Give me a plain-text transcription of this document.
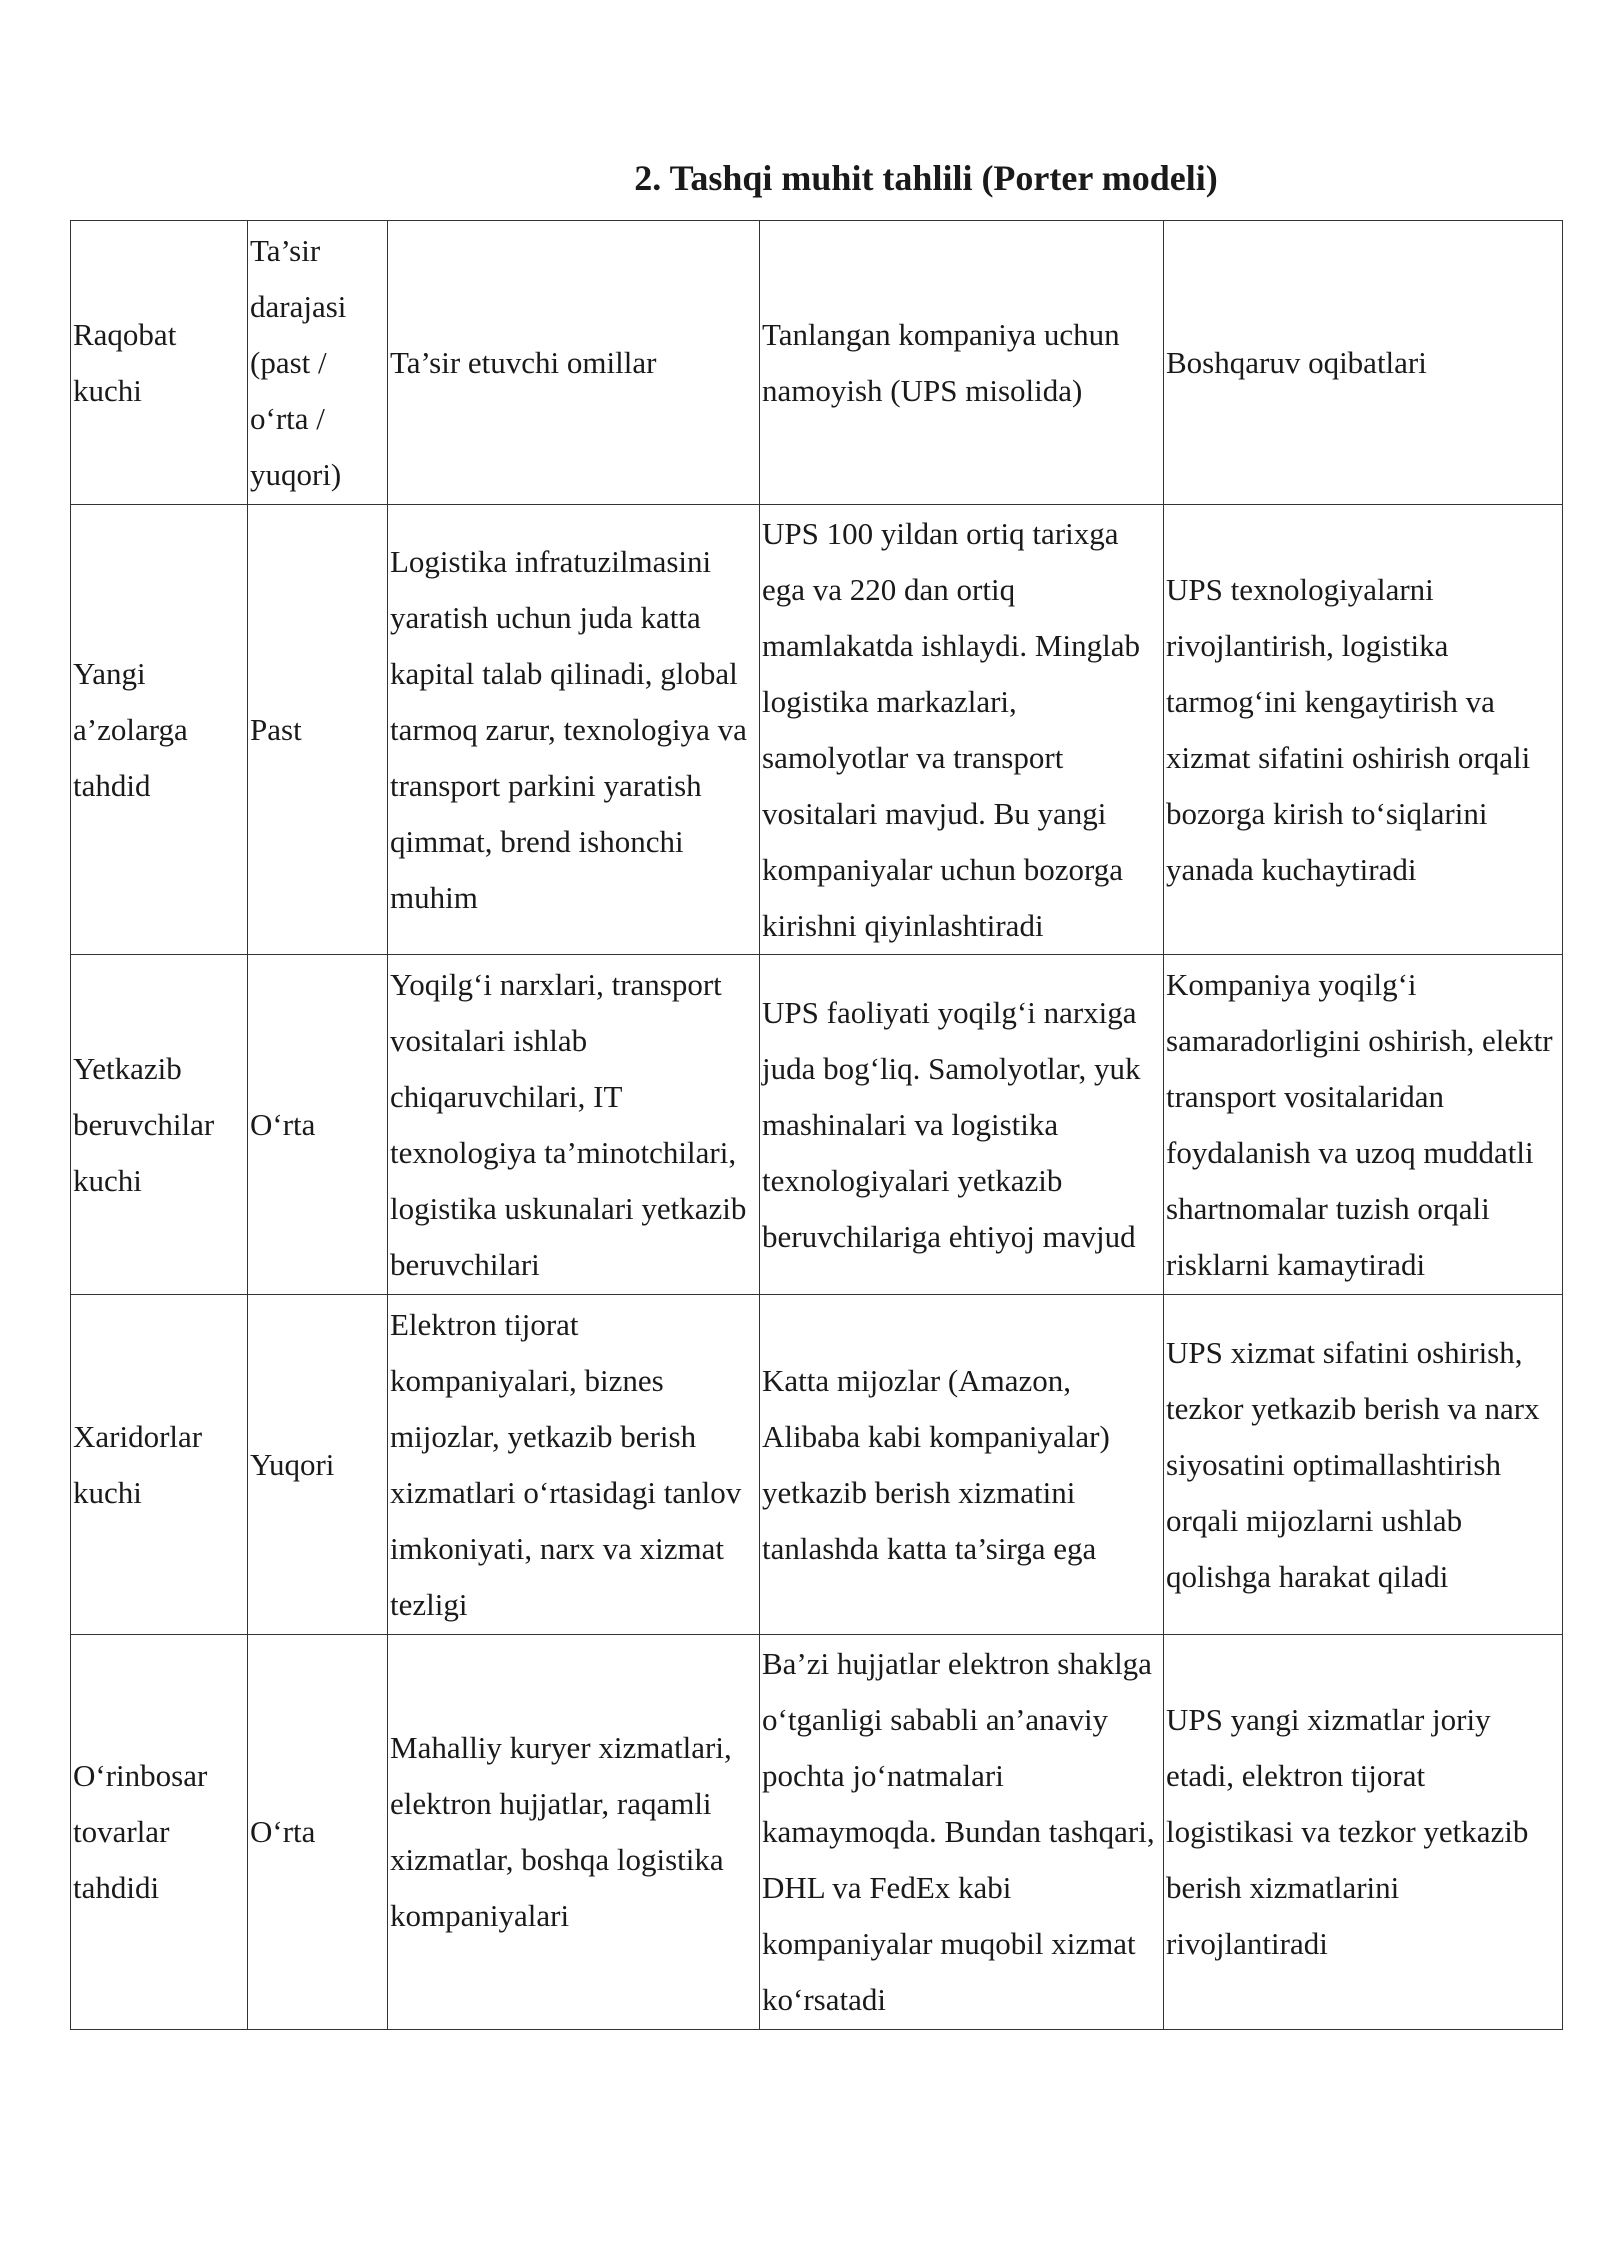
2. Tashqi muhit tahlili (Porter modeli)
Raqobat kuchi	Ta’sir darajasi (past / o‘rta / yuqori)	Ta’sir etuvchi omillar	Tanlangan kompaniya uchun namoyish (UPS misolida)	Boshqaruv oqibatlari
Yangi a’zolarga tahdid	Past	Logistika infratuzilmasini yaratish uchun juda katta kapital talab qilinadi, global tarmoq zarur, texnologiya va transport parkini yaratish qimmat, brend ishonchi muhim	UPS 100 yildan ortiq tarixga ega va 220 dan ortiq mamlakatda ishlaydi. Minglab logistika markazlari, samolyotlar va transport vositalari mavjud. Bu yangi kompaniyalar uchun bozorga kirishni qiyinlashtiradi	UPS texnologiyalarni rivojlantirish, logistika tarmog‘ini kengaytirish va xizmat sifatini oshirish orqali bozorga kirish to‘siqlarini yanada kuchaytiradi
Yetkazib beruvchilar kuchi	O‘rta	Yoqilg‘i narxlari, transport vositalari ishlab chiqaruvchilari, IT texnologiya ta’minotchilari, logistika uskunalari yetkazib beruvchilari	UPS faoliyati yoqilg‘i narxiga juda bog‘liq. Samolyotlar, yuk mashinalari va logistika texnologiyalari yetkazib beruvchilariga ehtiyoj mavjud	Kompaniya yoqilg‘i samaradorligini oshirish, elektr transport vositalaridan foydalanish va uzoq muddatli shartnomalar tuzish orqali risklarni kamaytiradi
Xaridorlar kuchi	Yuqori	Elektron tijorat kompaniyalari, biznes mijozlar, yetkazib berish xizmatlari o‘rtasidagi tanlov imkoniyati, narx va xizmat tezligi	Katta mijozlar (Amazon, Alibaba kabi kompaniyalar) yetkazib berish xizmatini tanlashda katta ta’sirga ega	UPS xizmat sifatini oshirish, tezkor yetkazib berish va narx siyosatini optimallashtirish orqali mijozlarni ushlab qolishga harakat qiladi
O‘rinbosar tovarlar tahdidi	O‘rta	Mahalliy kuryer xizmatlari, elektron hujjatlar, raqamli xizmatlar, boshqa logistika kompaniyalari	Ba’zi hujjatlar elektron shaklga o‘tganligi sababli an’anaviy pochta jo‘natmalari kamaymoqda. Bundan tashqari, DHL va FedEx kabi kompaniyalar muqobil xizmat ko‘rsatadi	UPS yangi xizmatlar joriy etadi, elektron tijorat logistikasi va tezkor yetkazib berish xizmatlarini rivojlantiradi
